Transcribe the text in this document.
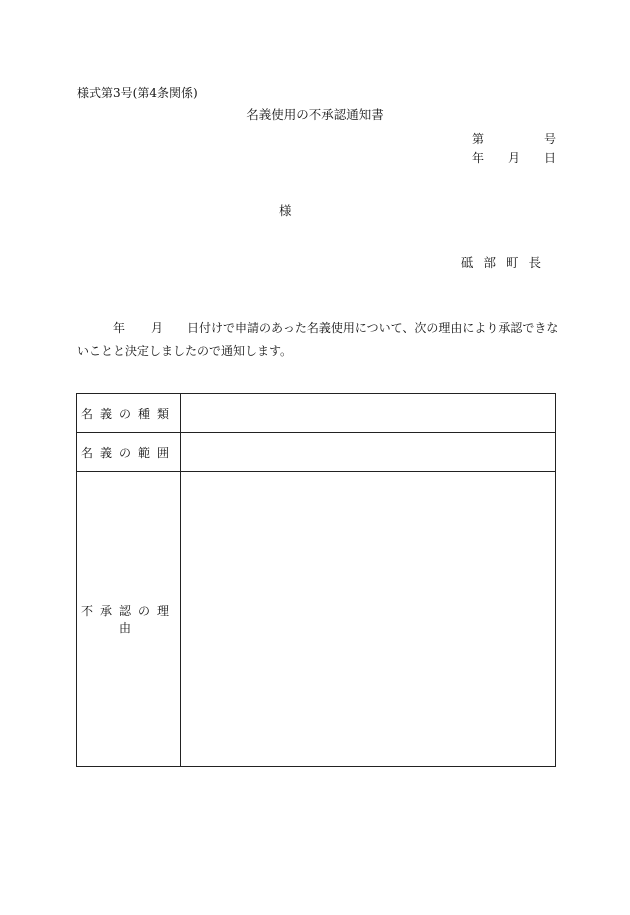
様式第3号(第4条関係)
名義使用の不承認通知書
第	号
年 月 日
様
砥部町長
年 月 日付けで申請のあった名義使用について、次の理由により承認できな
いことと決定しましたので通知します。
名義の種類	
名義の範囲	
不承認の理由	
